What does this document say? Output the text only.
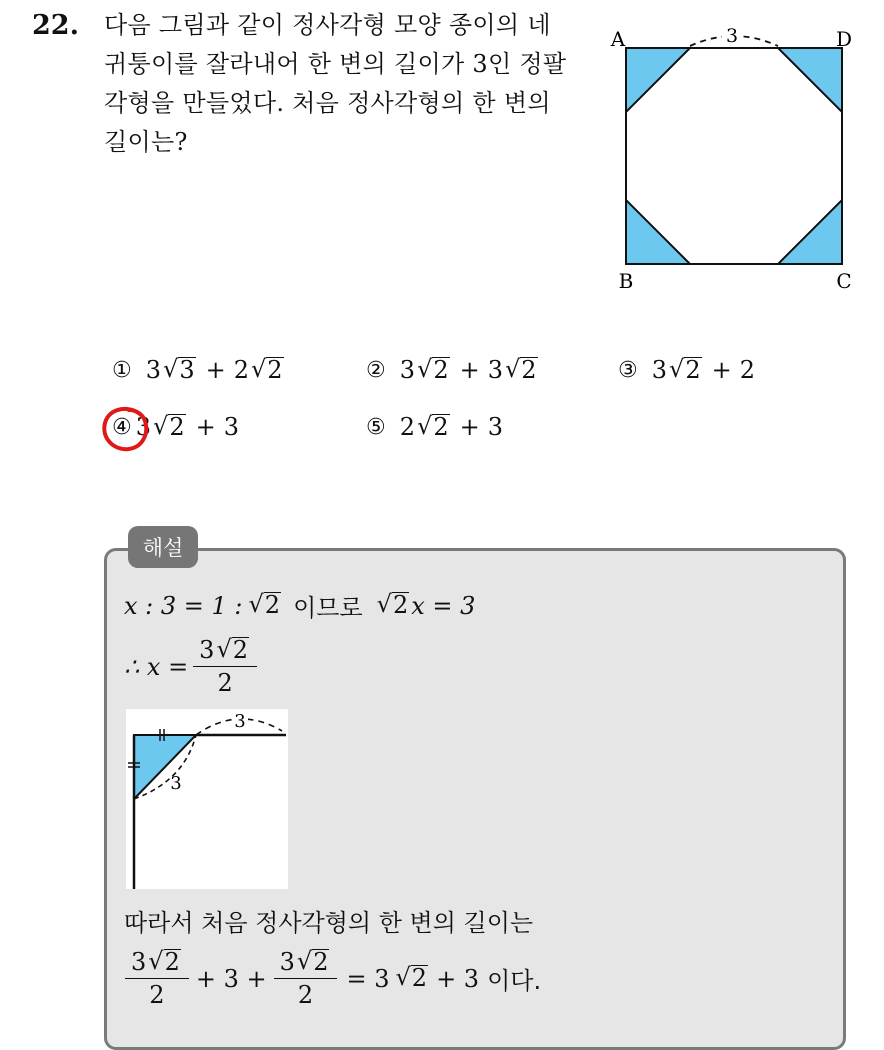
22. 다음 그림과 같이 정사각형 모양 종이의 네
귀퉁이를 잘라내어 한 변의 길이가 3인 정팔
각형을 만들었다. 처음 정사각형의 한 변의
길이는?
3
A	D
B	C
① 3 √ 3 + 2 √ 2	② 3 √ 2 + 3 √ 2	③ 3 √ 2 + 2
④ 3 √ 2 + 3	⑤ 2 √ 2 + 3
해설
x : 3 = 1 : √ 2 이므로 √ 2 x = 3
∴ $x = \frac{3 √ 2}{2}$
3
3
따라서 처음 정사각형의 한 변의 길이는
$\frac{3 √ 2}{2} + 3 + \frac{3 √ 2}{2} = 3$ √ 2 + 3 이다.
